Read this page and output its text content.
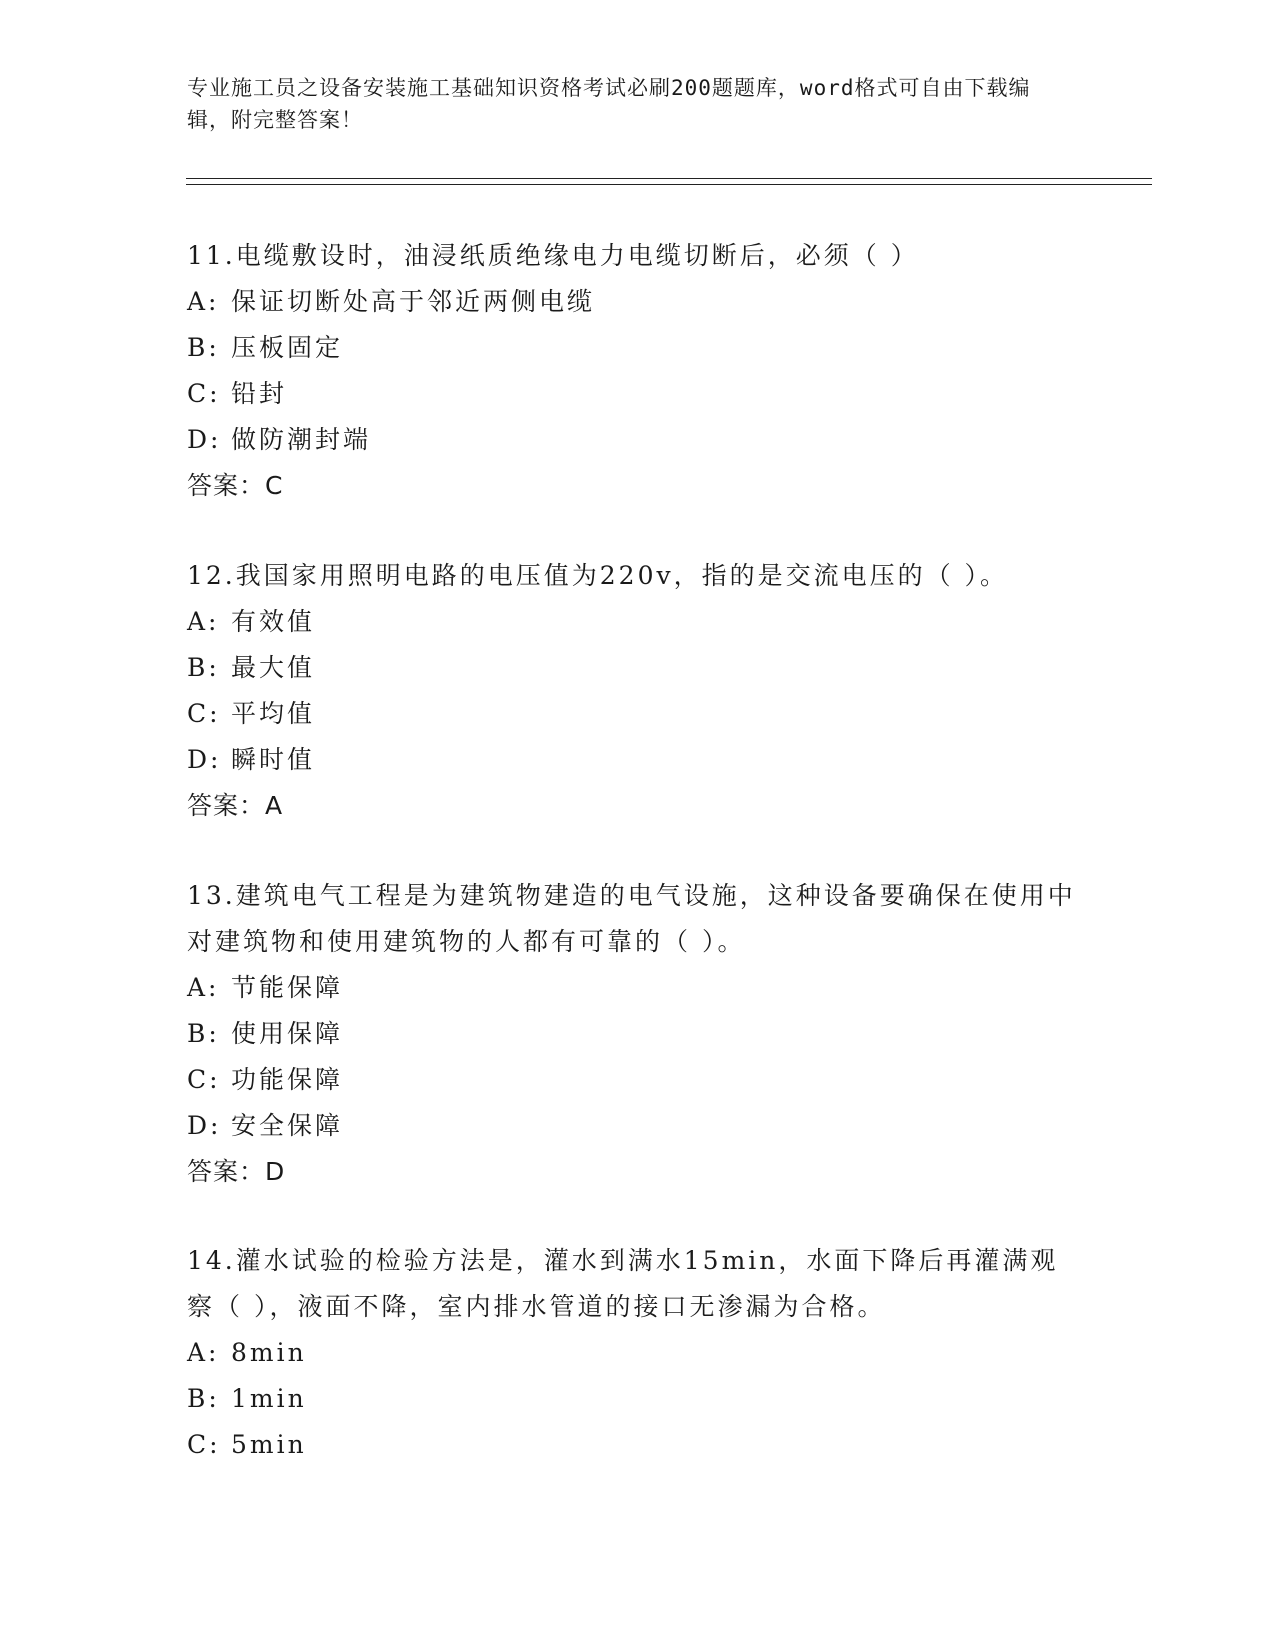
专业施工员之设备安装施工基础知识资格考试必刷200题题库，word格式可自由下载编辑，附完整答案！

11.电缆敷设时，油浸纸质绝缘电力电缆切断后，必须（ ）

A: 保证切断处高于邻近两侧电缆

B: 压板固定

C: 铅封

D: 做防潮封端

答案：C

12.我国家用照明电路的电压值为220v，指的是交流电压的（ ）。

A: 有效值

B: 最大值

C: 平均值

D: 瞬时值

答案：A

13.建筑电气工程是为建筑物建造的电气设施，这种设备要确保在使用中对建筑物和使用建筑物的人都有可靠的（ ）。

A: 节能保障

B: 使用保障

C: 功能保障

D: 安全保障

答案：D

14.灌水试验的检验方法是，灌水到满水15min，水面下降后再灌满观察（ ），液面不降，室内排水管道的接口无渗漏为合格。

A: 8min

B: 1min

C: 5min
